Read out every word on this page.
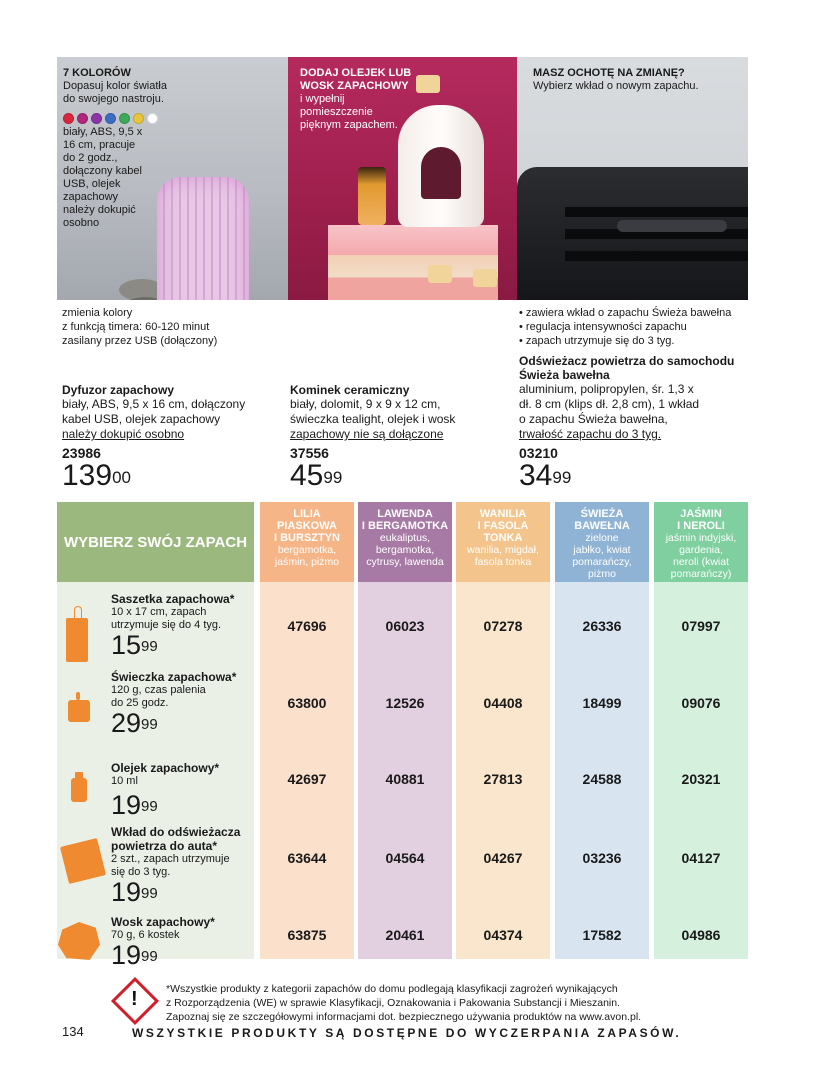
7 KOLORÓW
Dopasuj kolor światła
do swojego nastroju.
biały, ABS, 9,5 x
16 cm, pracuje
do 2 godz.,
dołączony kabel
USB, olejek
zapachowy
należy dokupić
osobno
DODAJ OLEJEK LUB
WOSK ZAPACHOWY
i wypełnij
pomieszczenie
pięknym zapachem.
MASZ OCHOTĘ NA ZMIANĘ?
Wybierz wkład o nowym zapachu.
zmienia kolory
z funkcją timera: 60-120 minut
zasilany przez USB (dołączony)
• zawiera wkład o zapachu Świeża bawełna
• regulacja intensywności zapachu
• zapach utrzymuje się do 3 tyg.
Dyfuzor zapachowy
biały, ABS, 9,5 x 16 cm, dołączony
kabel USB, olejek zapachowy
należy dokupić osobno
23986
$139^{00}$
Kominek ceramiczny
biały, dolomit, 9 x 9 x 12 cm,
świeczka tealight, olejek i wosk
zapachowy nie są dołączone
37556
$45^{99}$
Odświeżacz powietrza do samochodu
Świeża bawełna
aluminium, polipropylen, śr. 1,3 x
dł. 8 cm (klips dł. 2,8 cm), 1 wkład
o zapachu Świeża bawełna,
trwałość zapachu do 3 tyg.
03210
$34^{99}$
WYBIERZ SWÓJ ZAPACH
LILIA
PIASKOWA
I BURSZTYN
bergamotka,
jaśmin, piżmo
47696
63800
42697
63644
63875
LAWENDA
I BERGAMOTKA
eukaliptus,
bergamotka,
cytrusy, lawenda
06023
12526
40881
04564
20461
WANILIA
I FASOLA
TONKA
wanilia, migdał,
fasola tonka
07278
04408
27813
04267
04374
ŚWIEŻA
BAWEŁNA
zielone
jabłko, kwiat
pomarańczy,
piżmo
26336
18499
24588
03236
17582
JAŚMIN
I NEROLI
jaśmin indyjski,
gardenia,
neroli (kwiat
pomarańczy)
07997
09076
20321
04127
04986
Saszetka zapachowa*
10 x 17 cm, zapach
utrzymuje się do 4 tyg.
$15^{99}$
Świeczka zapachowa*
120 g, czas palenia
do 25 godz.
$29^{99}$
Olejek zapachowy*
10 ml
$19^{99}$
Wkład do odświeżacza
powietrza do auta*
2 szt., zapach utrzymuje
się do 3 tyg.
$19^{99}$
Wosk zapachowy*
70 g, 6 kostek
$19^{99}$
!	*Wszystkie produkty z kategorii zapachów do domu podlegają klasyfikacji zagrożeń wynikających
z Rozporządzenia (WE) w sprawie Klasyfikacji, Oznakowania i Pakowania Substancji i Mieszanin.
Zapoznaj się ze szczegółowymi informacjami dot. bezpiecznego używania produktów na www.avon.pl.
134	WSZYSTKIE PRODUKTY SĄ DOSTĘPNE DO WYCZERPANIA ZAPASÓW.
